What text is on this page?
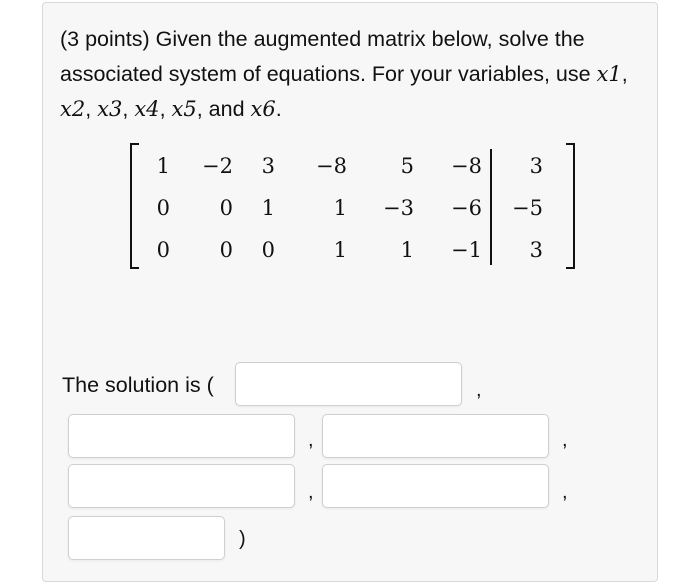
(3 points) Given the augmented matrix below, solve the associated system of equations. For your variables, use x1, x2, x3, x4, x5, and x6.
1	−2	3	−8	5	−8	3
0	0	1	1	−3	−6	−5
0	0	0	1	1	−1	3
The solution is (	,
,	,
,	,
)
